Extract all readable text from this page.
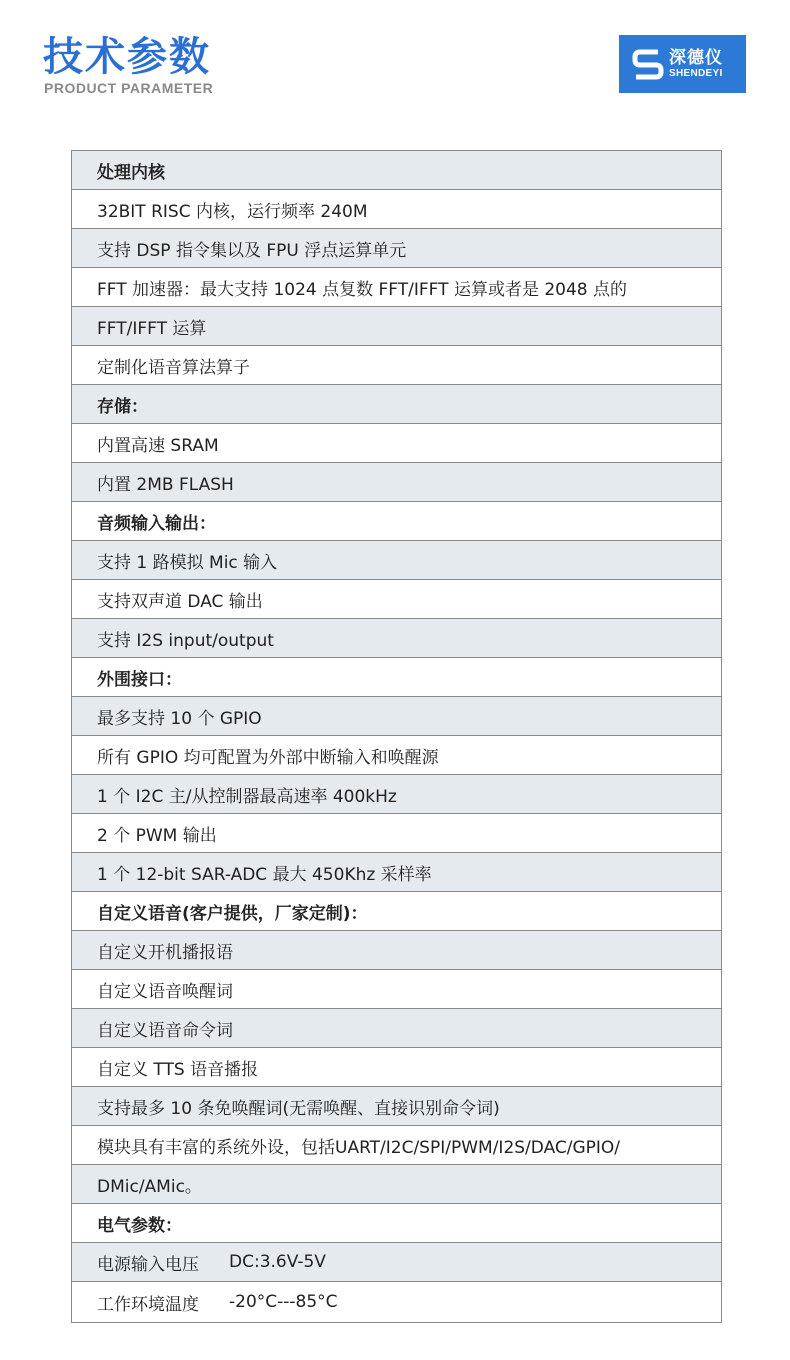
技术参数
PRODUCT PARAMETER
深德仪
SHENDEYI
处理内核
32BIT RISC 内核，运行频率 240M
支持 DSP 指令集以及 FPU 浮点运算单元
FFT 加速器：最大支持 1024 点复数 FFT/IFFT 运算或者是 2048 点的
FFT/IFFT 运算
定制化语音算法算子
存储：
内置高速 SRAM
内置 2MB FLASH
音频输入输出：
支持 1 路模拟 Mic 输入
支持双声道 DAC 输出
支持 I2S input/output
外围接口：
最多支持 10 个 GPIO
所有 GPIO 均可配置为外部中断输入和唤醒源
1 个 I2C 主/从控制器最高速率 400kHz
2 个 PWM 输出
1 个 12-bit SAR-ADC 最大 450Khz 采样率
自定义语音(客户提供，厂家定制)：
自定义开机播报语
自定义语音唤醒词
自定义语音命令词
自定义 TTS 语音播报
支持最多 10 条免唤醒词(无需唤醒、直接识别命令词)
模块具有丰富的系统外设，包括UART/I2C/SPI/PWM/I2S/DAC/GPIO/
DMic/AMic。
电气参数：
电源输入电压 DC:3.6V-5V
工作环境温度 -20°C---85°C
